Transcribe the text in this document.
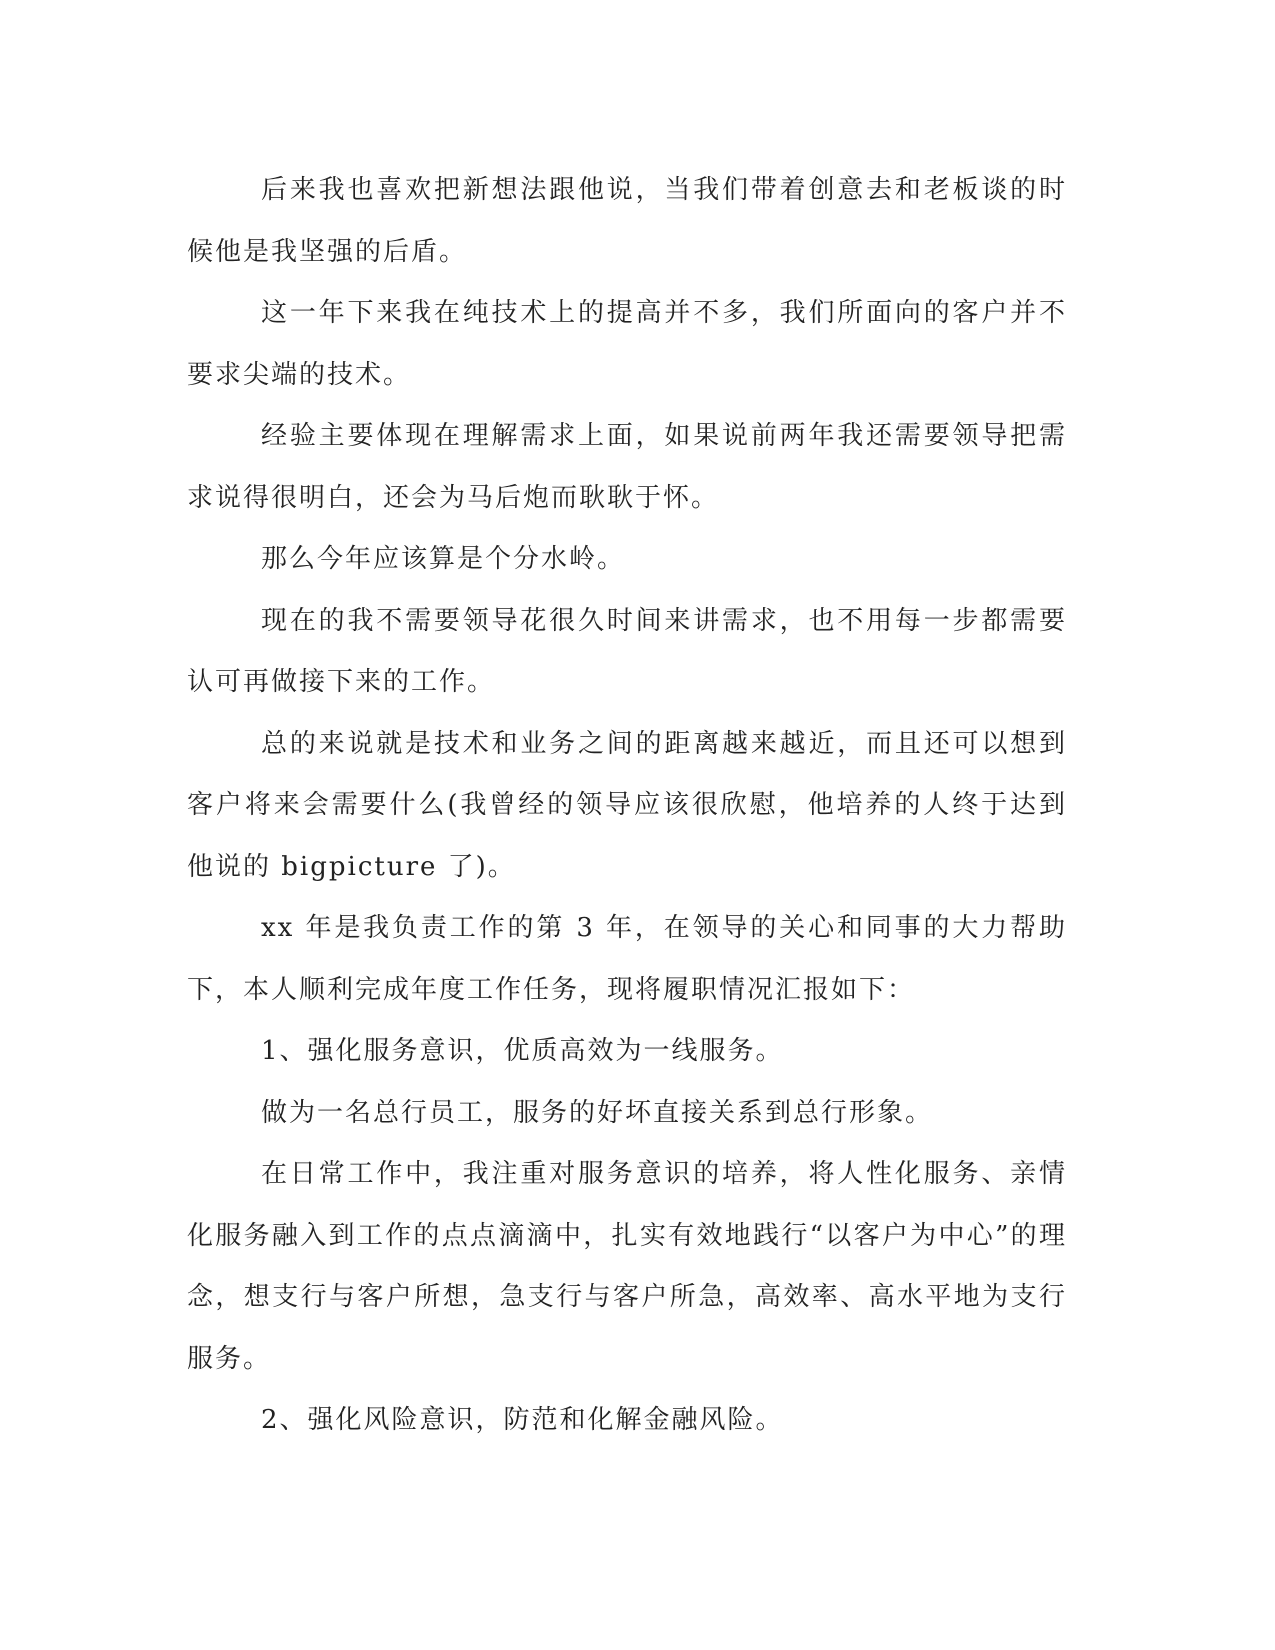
后来我也喜欢把新想法跟他说，当我们带着创意去和老板谈的时候他是我坚强的后盾。

这一年下来我在纯技术上的提高并不多，我们所面向的客户并不要求尖端的技术。

经验主要体现在理解需求上面，如果说前两年我还需要领导把需求说得很明白，还会为马后炮而耿耿于怀。

那么今年应该算是个分水岭。

现在的我不需要领导花很久时间来讲需求，也不用每一步都需要认可再做接下来的工作。

总的来说就是技术和业务之间的距离越来越近，而且还可以想到客户将来会需要什么(我曾经的领导应该很欣慰，他培养的人终于达到他说的 bigpicture 了)。

xx 年是我负责工作的第 3 年，在领导的关心和同事的大力帮助下，本人顺利完成年度工作任务，现将履职情况汇报如下：

1、强化服务意识，优质高效为一线服务。

做为一名总行员工，服务的好坏直接关系到总行形象。

在日常工作中，我注重对服务意识的培养，将人性化服务、亲情化服务融入到工作的点点滴滴中，扎实有效地践行“以客户为中心”的理念，想支行与客户所想，急支行与客户所急，高效率、高水平地为支行服务。

2、强化风险意识，防范和化解金融风险。
